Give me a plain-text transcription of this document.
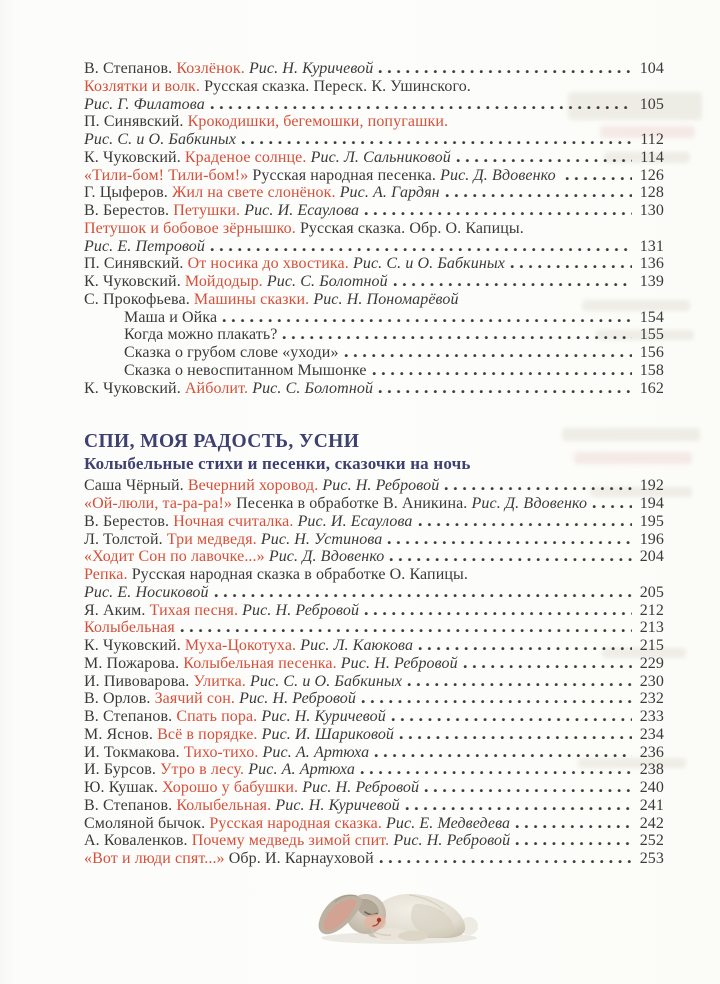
В. Степанов. Козлёнок. Рис. Н. Куричевой	104
Козлятки и волк. Русская сказка. Переск. К. Ушинского.
Рис. Г. Филатова	105
П. Синявский. Крокодишки, бегемошки, попугашки.
Рис. С. и О. Бабкиных	112
К. Чуковский. Краденое солнце. Рис. Л. Сальниковой	114
«Тили-бом! Тили-бом!» Русская народная песенка. Рис. Д. Вдовенко	126
Г. Цыферов. Жил на свете слонёнок. Рис. А. Гардян	128
В. Берестов. Петушки. Рис. И. Есаулова	130
Петушок и бобовое зёрнышко. Русская сказка. Обр. О. Капицы.
Рис. Е. Петровой	131
П. Синявский. От носика до хвостика. Рис. С. и О. Бабкиных	136
К. Чуковский. Мойдодыр. Рис. С. Болотной	139
С. Прокофьева. Машины сказки. Рис. Н. Пономарёвой
Маша и Ойка	154
Когда можно плакать?	155
Сказка о грубом слове «уходи»	156
Сказка о невоспитанном Мышонке	158
К. Чуковский. Айболит. Рис. С. Болотной	162
СПИ, МОЯ РАДОСТЬ, УСНИ
Колыбельные стихи и песенки, сказочки на ночь
Саша Чёрный. Вечерний хоровод. Рис. Н. Ребровой	192
«Ой-люли, та-ра-ра!» Песенка в обработке В. Аникина. Рис. Д. Вдовенко	194
В. Берестов. Ночная считалка. Рис. И. Есаулова	195
Л. Толстой. Три медведя. Рис. Н. Устинова	196
«Ходит Сон по лавочке...» Рис. Д. Вдовенко	204
Репка. Русская народная сказка в обработке О. Капицы.
Рис. Е. Носиковой	205
Я. Аким. Тихая песня. Рис. Н. Ребровой	212
Колыбельная	213
К. Чуковский. Муха-Цокотуха. Рис. Л. Каюкова	215
М. Пожарова. Колыбельная песенка. Рис. Н. Ребровой	229
И. Пивоварова. Улитка. Рис. С. и О. Бабкиных	230
В. Орлов. Заячий сон. Рис. Н. Ребровой	232
В. Степанов. Спать пора. Рис. Н. Куричевой	233
М. Яснов. Всё в порядке. Рис. И. Шариковой	234
И. Токмакова. Тихо-тихо. Рис. А. Артюха	236
И. Бурсов. Утро в лесу. Рис. А. Артюха	238
Ю. Кушак. Хорошо у бабушки. Рис. Н. Ребровой	240
В. Степанов. Колыбельная. Рис. Н. Куричевой	241
Смоляной бычок. Русская народная сказка. Рис. Е. Медведева	242
А. Коваленков. Почему медведь зимой спит. Рис. Н. Ребровой	252
«Вот и люди спят...» Обр. И. Карнауховой	253
